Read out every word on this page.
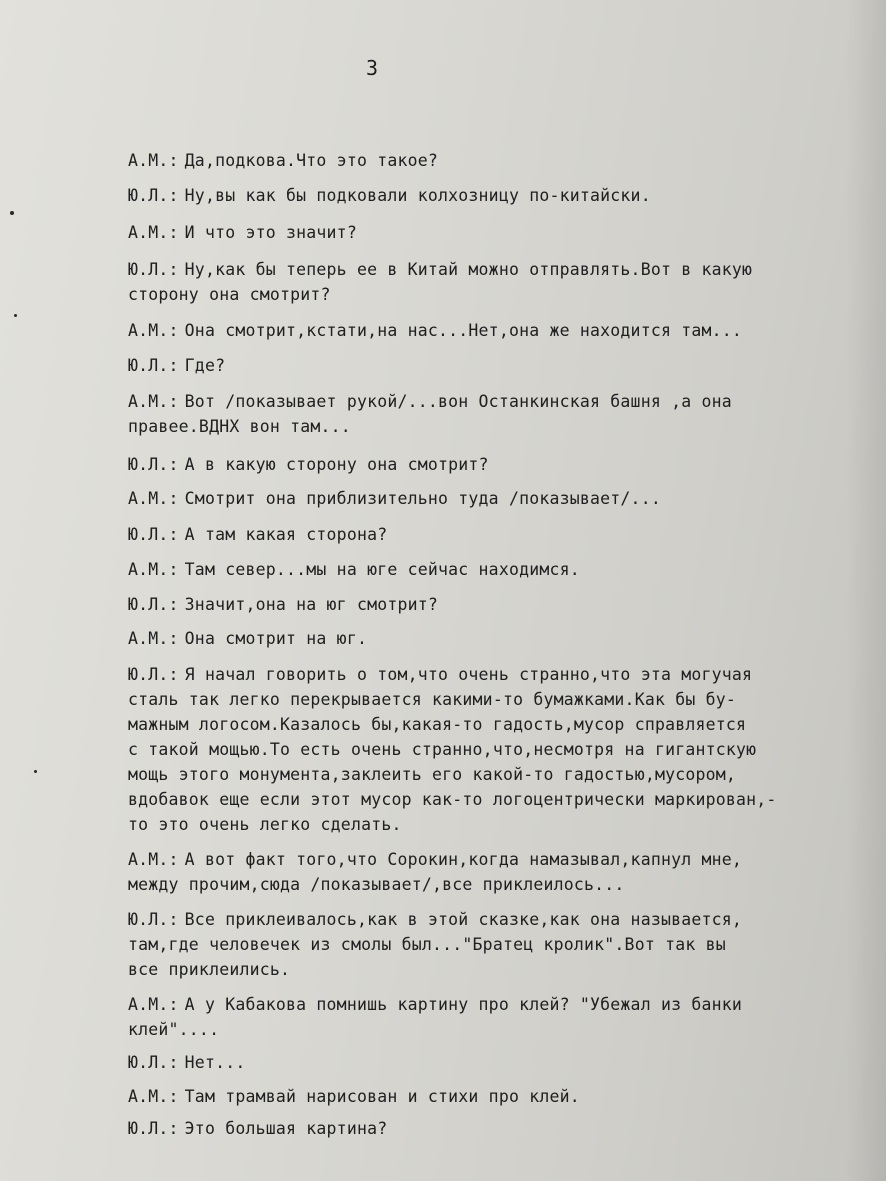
3
А.М.: Да,подкова.Что это такое?
Ю.Л.: Ну,вы как бы подковали колхозницу по-китайски.
А.М.: И что это значит?
Ю.Л.: Ну,как бы теперь ее в Китай можно отправлять.Вот в какую
сторону она смотрит?
А.М.: Она смотрит,кстати,на нас...Нет,она же находится там...
Ю.Л.: Где?
А.М.: Вот /показывает рукой/...вон Останкинская башня ,а она
правее.ВДНХ вон там...
Ю.Л.: А в какую сторону она смотрит?
А.М.: Смотрит она приблизительно туда /показывает/...
Ю.Л.: А там какая сторона?
А.М.: Там север...мы на юге сейчас находимся.
Ю.Л.: Значит,она на юг смотрит?
А.М.: Она смотрит на юг.
Ю.Л.: Я начал говорить о том,что очень странно,что эта могучая
сталь так легко перекрывается какими-то бумажками.Как бы бу-
мажным логосом.Казалось бы,какая-то гадость,мусор справляется
с такой мощью.То есть очень странно,что,несмотря на гигантскую
мощь этого монумента,заклеить его какой-то гадостью,мусором,
вдобавок еще если этот мусор как-то логоцентрически маркирован,-
то это очень легко сделать.
А.М.: А вот факт того,что Сорокин,когда намазывал,капнул мне,
между прочим,сюда /показывает/,все приклеилось...
Ю.Л.: Все приклеивалось,как в этой сказке,как она называется,
там,где человечек из смолы был..."Братец кролик".Вот так вы
все приклеились.
А.М.: А у Кабакова помнишь картину про клей? "Убежал из банки
клей"....
Ю.Л.: Нет...
А.М.: Там трамвай нарисован и стихи про клей.
Ю.Л.: Это большая картина?
